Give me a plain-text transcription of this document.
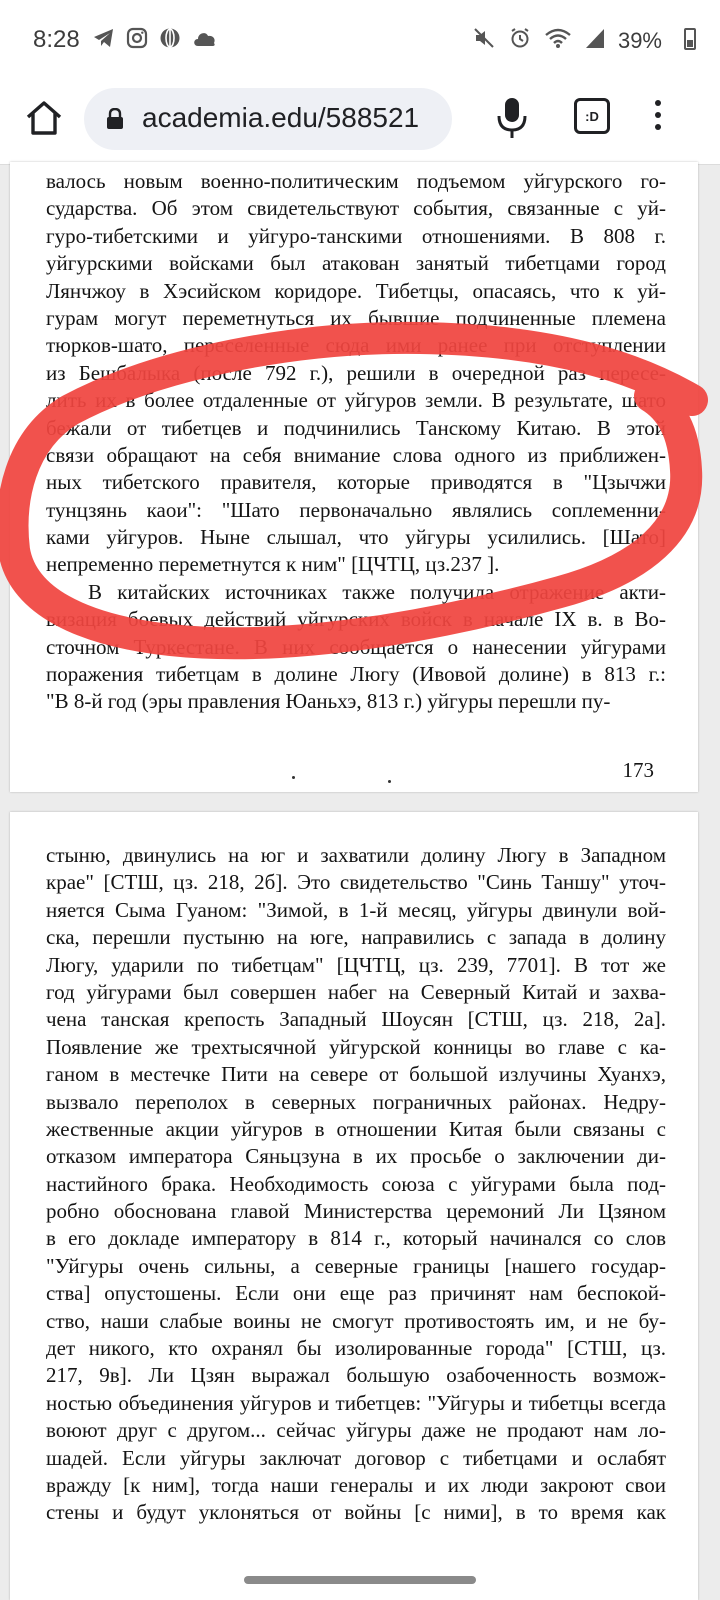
8:28	39%
academia.edu/588521	:D
валось новым военно-политическим подъемом уйгурского го-
сударства. Об этом свидетельствуют события, связанные с уй-
гуро-тибетскими и уйгуро-танскими отношениями. В 808 г.
уйгурскими войсками был атакован занятый тибетцами город
Лянчжоу в Хэсийском коридоре. Тибетцы, опасаясь, что к уй-
гурам могут переметнуться их бывшие подчиненные племена
тюрков-шато, переселенные сюда ими ранее при отступлении
из Бешбалыка (после 792 г.), решили в очередной раз пересе-
лить их в более отдаленные от уйгуров земли. В результате, шато
бежали от тибетцев и подчинились Танскому Китаю. В этой
связи обращают на себя внимание слова одного из приближен-
ных тибетского правителя, которые приводятся в "Цзычжи
тунцзянь каои": "Шато первоначально являлись соплеменни-
ками уйгуров. Ныне слышал, что уйгуры усилились. [Шато]
непременно переметнутся к ним" [ЦЧТЦ, цз.237 ].
В китайских источниках также получила отражение акти-
визация боевых действий уйгурских войск в начале IX в. в Во-
сточном Туркестане. В них сообщается о нанесении уйгурами
поражения тибетцам в долине Люгу (Ивовой долине) в 813 г.:
"В 8-й год (эры правления Юаньхэ, 813 г.) уйгуры перешли пу-
173
стыню, двинулись на юг и захватили долину Люгу в Западном
крае" [СТШ, цз. 218, 2б]. Это свидетельство "Синь Таншу" уточ-
няется Сыма Гуаном: "Зимой, в 1-й месяц, уйгуры двинули вой-
ска, перешли пустыню на юге, направились с запада в долину
Люгу, ударили по тибетцам" [ЦЧТЦ, цз. 239, 7701]. В тот же
год уйгурами был совершен набег на Северный Китай и захва-
чена танская крепость Западный Шоусян [СТШ, цз. 218, 2а].
Появление же трехтысячной уйгурской конницы во главе с ка-
ганом в местечке Пити на севере от большой излучины Хуанхэ,
вызвало переполох в северных пограничных районах. Недру-
жественные акции уйгуров в отношении Китая были связаны с
отказом императора Сяньцзуна в их просьбе о заключении ди-
настийного брака. Необходимость союза с уйгурами была под-
робно обоснована главой Министерства церемоний Ли Цзяном
в его докладе императору в 814 г., который начинался со слов
"Уйгуры очень сильны, а северные границы [нашего государ-
ства] опустошены. Если они еще раз причинят нам беспокой-
ство, наши слабые воины не смогут противостоять им, и не бу-
дет никого, кто охранял бы изолированные города" [СТШ, цз.
217, 9в]. Ли Цзян выражал большую озабоченность возмож-
ностью объединения уйгуров и тибетцев: "Уйгуры и тибетцы всегда
воюют друг с другом... сейчас уйгуры даже не продают нам ло-
шадей. Если уйгуры заключат договор с тибетцами и ослабят
вражду [к ним], тогда наши генералы и их люди закроют свои
стены и будут уклоняться от войны [с ними], в то время как
